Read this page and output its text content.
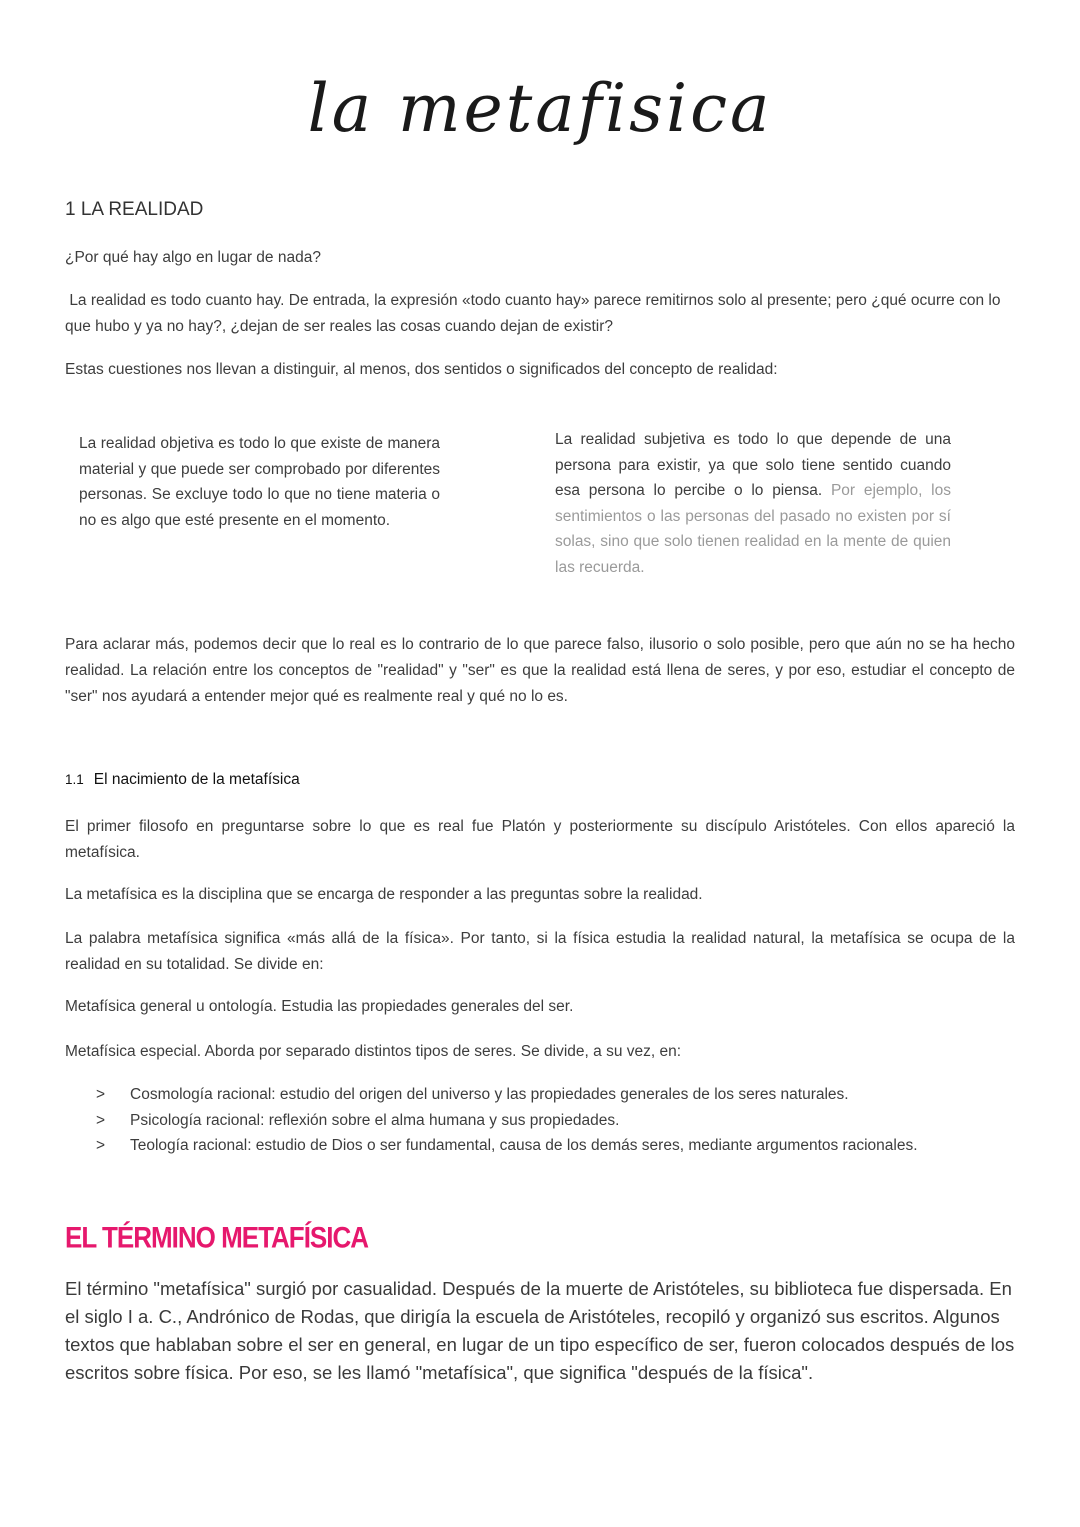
la metafisica
1 LA REALIDAD
¿Por qué hay algo en lugar de nada?
La realidad es todo cuanto hay. De entrada, la expresión «todo cuanto hay» parece remitirnos solo al presente; pero ¿qué ocurre con lo que hubo y ya no hay?, ¿dejan de ser reales las cosas cuando dejan de existir?
Estas cuestiones nos llevan a distinguir, al menos, dos sentidos o significados del concepto de realidad:
La realidad objetiva es todo lo que existe de manera material y que puede ser comprobado por diferentes personas. Se excluye todo lo que no tiene materia o no es algo que esté presente en el momento.
La realidad subjetiva es todo lo que depende de una persona para existir, ya que solo tiene sentido cuando esa persona lo percibe o lo piensa. Por ejemplo, los sentimientos o las personas del pasado no existen por sí solas, sino que solo tienen realidad en la mente de quien las recuerda.
Para aclarar más, podemos decir que lo real es lo contrario de lo que parece falso, ilusorio o solo posible, pero que aún no se ha hecho realidad. La relación entre los conceptos de "realidad" y "ser" es que la realidad está llena de seres, y por eso, estudiar el concepto de "ser" nos ayudará a entender mejor qué es realmente real y qué no lo es.
1.1 El nacimiento de la metafísica
El primer filosofo en preguntarse sobre lo que es real fue Platón y posteriormente su discípulo Aristóteles. Con ellos apareció la metafísica.
La metafísica es la disciplina que se encarga de responder a las preguntas sobre la realidad.
La palabra metafísica significa «más allá de la física». Por tanto, si la física estudia la realidad natural, la metafísica se ocupa de la realidad en su totalidad. Se divide en:
Metafísica general u ontología. Estudia las propiedades generales del ser.
Metafísica especial. Aborda por separado distintos tipos de seres. Se divide, a su vez, en:
> Cosmología racional: estudio del origen del universo y las propiedades generales de los seres naturales.
> Psicología racional: reflexión sobre el alma humana y sus propiedades.
> Teología racional: estudio de Dios o ser fundamental, causa de los demás seres, mediante argumentos racionales.
EL TÉRMINO METAFÍSICA
El término "metafísica" surgió por casualidad. Después de la muerte de Aristóteles, su biblioteca fue dispersada. En el siglo I a. C., Andrónico de Rodas, que dirigía la escuela de Aristóteles, recopiló y organizó sus escritos. Algunos textos que hablaban sobre el ser en general, en lugar de un tipo específico de ser, fueron colocados después de los escritos sobre física. Por eso, se les llamó "metafísica", que significa "después de la física".
